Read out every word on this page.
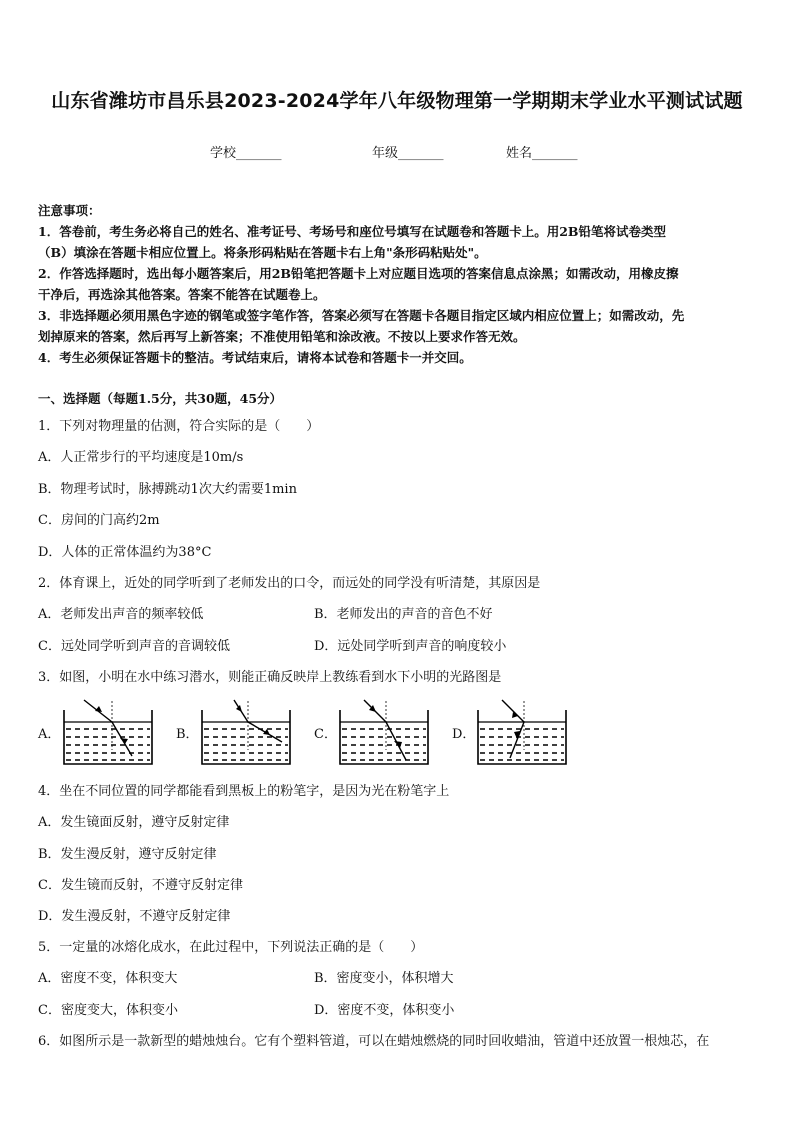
山东省潍坊市昌乐县2023-2024学年八年级物理第一学期期末学业水平测试试题
学校_______	年级_______	姓名_______
注意事项：
1．答卷前，考生务必将自己的姓名、准考证号、考场号和座位号填写在试题卷和答题卡上。用2B铅笔将试卷类型
（B）填涂在答题卡相应位置上。将条形码粘贴在答题卡右上角"条形码粘贴处"。
2．作答选择题时，选出每小题答案后，用2B铅笔把答题卡上对应题目选项的答案信息点涂黑；如需改动，用橡皮擦
干净后，再选涂其他答案。答案不能答在试题卷上。
3．非选择题必须用黑色字迹的钢笔或签字笔作答，答案必须写在答题卡各题目指定区域内相应位置上；如需改动，先
划掉原来的答案，然后再写上新答案；不准使用铅笔和涂改液。不按以上要求作答无效。
4．考生必须保证答题卡的整洁。考试结束后，请将本试卷和答题卡一并交回。
一、选择题（每题1.5分，共30题，45分）
1．下列对物理量的估测，符合实际的是（　　）
A．人正常步行的平均速度是10m/s
B．物理考试时，脉搏跳动1次大约需要1min
C．房间的门高约2m
D．人体的正常体温约为38°C
2．体育课上，近处的同学听到了老师发出的口令，而远处的同学没有听清楚，其原因是
A．老师发出声音的频率较低	B．老师发出的声音的音色不好
C．远处同学听到声音的音调较低	D．远处同学听到声音的响度较小
3．如图，小明在水中练习潜水，则能正确反映岸上教练看到水下小明的光路图是
A．	B．	C．	D．
4．坐在不同位置的同学都能看到黑板上的粉笔字，是因为光在粉笔字上
A．发生镜面反射，遵守反射定律
B．发生漫反射，遵守反射定律
C．发生镜而反射，不遵守反射定律
D．发生漫反射，不遵守反射定律
5．一定量的冰熔化成水，在此过程中，下列说法正确的是（　　）
A．密度不变，体积变大	B．密度变小，体积增大
C．密度变大，体积变小	D．密度不变，体积变小
6．如图所示是一款新型的蜡烛烛台。它有个塑料管道，可以在蜡烛燃烧的同时回收蜡油，管道中还放置一根烛芯，在
